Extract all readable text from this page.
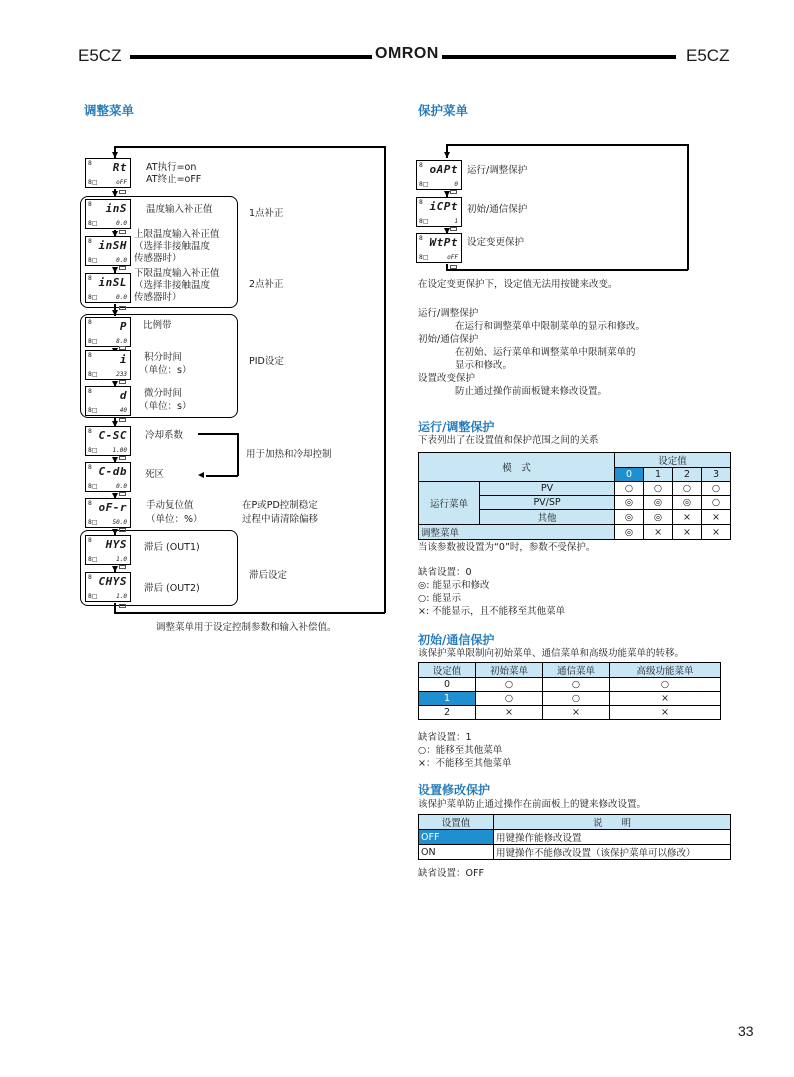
E5CZ	OMRON	E5CZ
调整菜单
8
8□
Rt
oFF
AT执行=on
AT终止=oFF
8
8□
inS
0.0
温度输入补正值
8
8□
inSH
0.0
上限温度输入补正值
（选择非接触温度
传感器时）
8
8□
inSL
0.0
下限温度输入补正值
（选择非接触温度
传感器时）
1点补正
2点补正
8
8□
P
8.0
比例带
8
8□
i
233
积分时间
（单位：s）
8
8□
d
40
微分时间
（单位：s）
PID设定
8
8□
C-SC
1.00
冷却系数
用于加热和冷却控制
8
8□
C-db
0.0
死区
8
8□
oF-r
50.0
手动复位值
（单位：%）
在P或PD控制稳定
过程中请清除偏移
8
8□
HYS
1.0
滞后 (OUT1)
8
8□
CHYS
1.0
滞后 (OUT2)
滞后设定
调整菜单用于设定控制参数和输入补偿值。
保护菜单
8
8□
oAPt
0
运行/调整保护
8
8□
iCPt
1
初始/通信保护
8
8□
WtPt
oFF
设定变更保护
在设定变更保护下，设定值无法用按键来改变。
运行/调整保护
在运行和调整菜单中限制菜单的显示和修改。
初始/通信保护
在初始、运行菜单和调整菜单中限制菜单的
显示和修改。
设置改变保护
防止通过操作前面板键来修改设置。
运行/调整保护
下表列出了在设置值和保护范围之间的关系
模　式		设定值			
		0	1	2	3
运行菜单	PV	○	○	○	○
	PV/SP	◎	◎	◎	○
	其他	◎	◎	×	×
调整菜单		◎	×	×	×
当该参数被设置为“0”时，参数不受保护。
缺省设置：0
◎: 能显示和修改
○: 能显示
×: 不能显示，且不能移至其他菜单
初始/通信保护
该保护菜单限制向初始菜单、通信菜单和高级功能菜单的转移。
设定值	初始菜单	通信菜单	高级功能菜单
0	○	○	○
1	○	○	×
2	×	×	×
缺省设置：1
○：能移至其他菜单
×：不能移至其他菜单
设置修改保护
该保护菜单防止通过操作在前面板上的键来修改设置。
设置值	说　　明
OFF	用键操作能修改设置
ON	用键操作不能修改设置（该保护菜单可以修改）
缺省设置：OFF
33
